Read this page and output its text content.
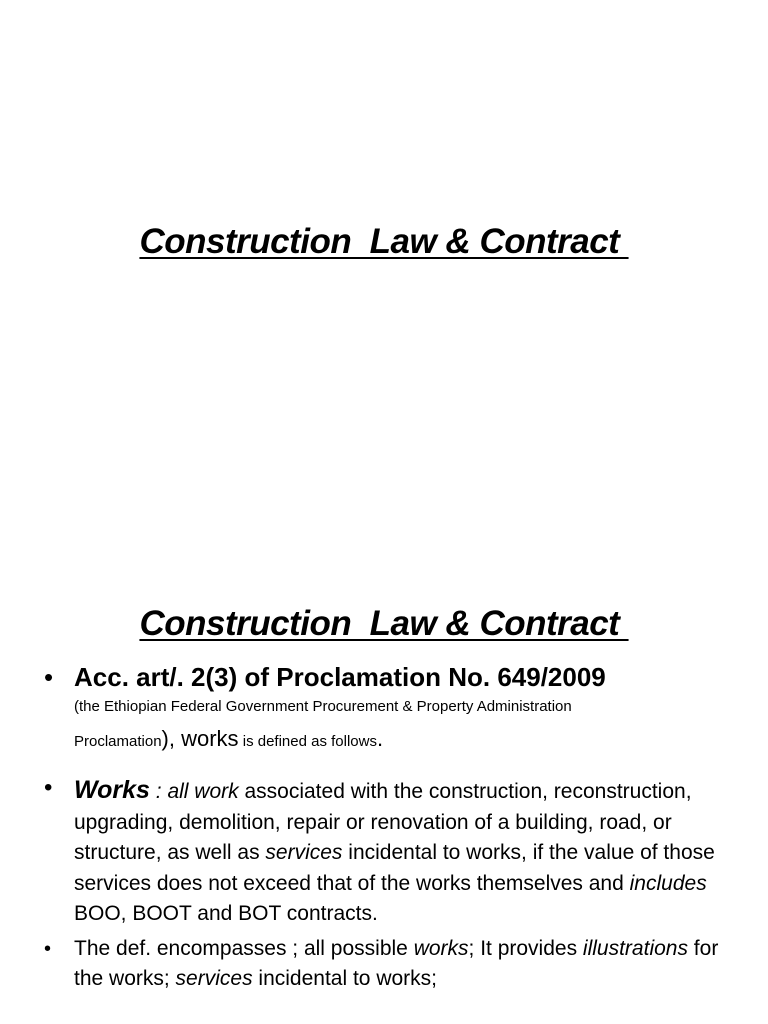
Construction  Law & Contract
Construction  Law & Contract
• Acc. art/. 2(3) of Proclamation No. 649/2009
(the Ethiopian Federal Government Procurement & Property Administration
Proclamation), works is defined as follows.
• Works : all work associated with the construction, reconstruction, upgrading, demolition, repair or renovation of a building, road, or structure, as well as services incidental to works, if the value of those services does not exceed that of the works themselves and includes BOO, BOOT and BOT contracts.
• The def. encompasses ; all possible works; It provides illustrations for the works; services incidental to works;
